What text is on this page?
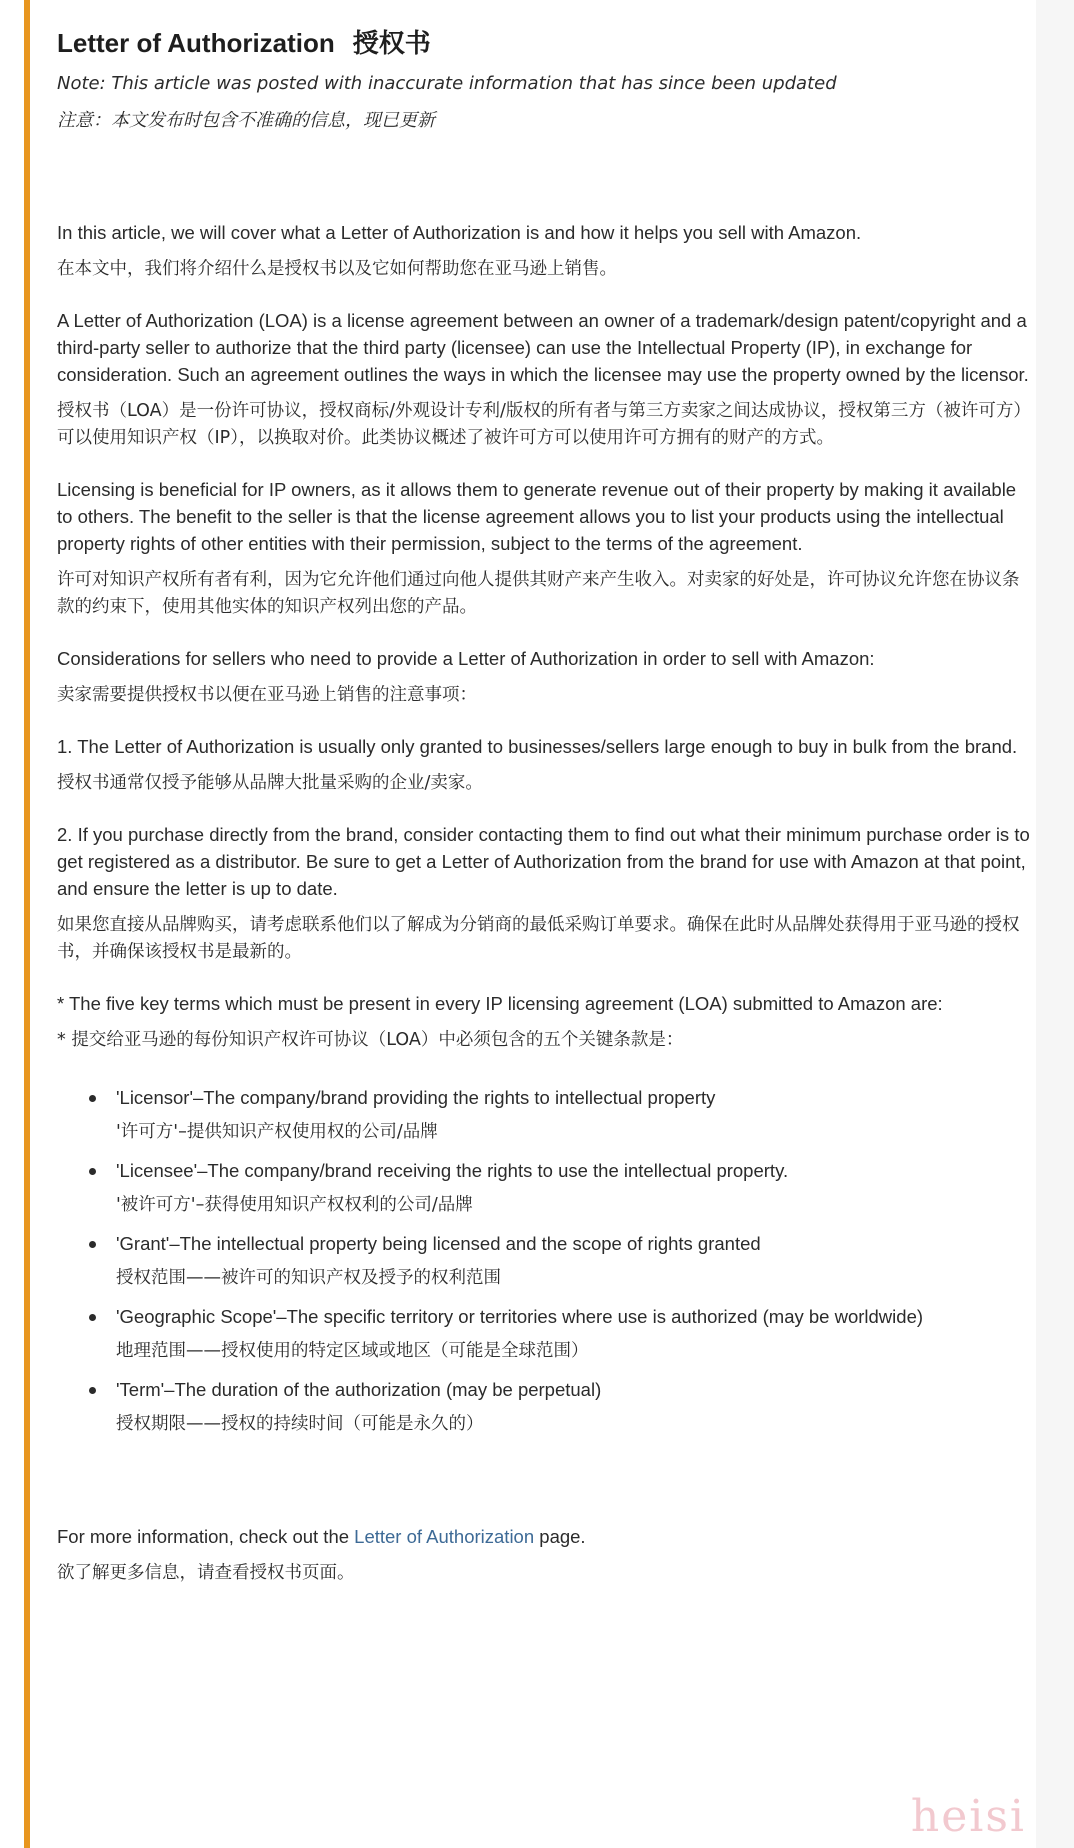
Letter of Authorization 授权书

Note: This article was posted with inaccurate information that has since been updated

注意：本文发布时包含不准确的信息，现已更新

In this article, we will cover what a Letter of Authorization is and how it helps you sell with Amazon.

在本文中，我们将介绍什么是授权书以及它如何帮助您在亚马逊上销售。

A Letter of Authorization (LOA) is a license agreement between an owner of a trademark/design patent/copyright and a third-party seller to authorize that the third party (licensee) can use the Intellectual Property (IP), in exchange for consideration. Such an agreement outlines the ways in which the licensee may use the property owned by the licensor.

授权书（LOA）是一份许可协议，授权商标/外观设计专利/版权的所有者与第三方卖家之间达成协议，授权第三方（被许可方）可以使用知识产权（IP），以换取对价。此类协议概述了被许可方可以使用许可方拥有的财产的方式。

Licensing is beneficial for IP owners, as it allows them to generate revenue out of their property by making it available to others. The benefit to the seller is that the license agreement allows you to list your products using the intellectual property rights of other entities with their permission, subject to the terms of the agreement.

许可对知识产权所有者有利，因为它允许他们通过向他人提供其财产来产生收入。对卖家的好处是，许可协议允许您在协议条款的约束下，使用其他实体的知识产权列出您的产品。

Considerations for sellers who need to provide a Letter of Authorization in order to sell with Amazon:

卖家需要提供授权书以便在亚马逊上销售的注意事项：

1. The Letter of Authorization is usually only granted to businesses/sellers large enough to buy in bulk from the brand.

授权书通常仅授予能够从品牌大批量采购的企业/卖家。

2. If you purchase directly from the brand, consider contacting them to find out what their minimum purchase order is to get registered as a distributor. Be sure to get a Letter of Authorization from the brand for use with Amazon at that point, and ensure the letter is up to date.

如果您直接从品牌购买，请考虑联系他们以了解成为分销商的最低采购订单要求。确保在此时从品牌处获得用于亚马逊的授权书，并确保该授权书是最新的。

* The five key terms which must be present in every IP licensing agreement (LOA) submitted to Amazon are:

* 提交给亚马逊的每份知识产权许可协议（LOA）中必须包含的五个关键条款是：

'Licensor'–The company/brand providing the rights to intellectual property

'许可方'–提供知识产权使用权的公司/品牌

'Licensee'–The company/brand receiving the rights to use the intellectual property.

'被许可方'–获得使用知识产权权利的公司/品牌

'Grant'–The intellectual property being licensed and the scope of rights granted

授权范围——被许可的知识产权及授予的权利范围

'Geographic Scope'–The specific territory or territories where use is authorized (may be worldwide)

地理范围——授权使用的特定区域或地区（可能是全球范围）

'Term'–The duration of the authorization (may be perpetual)

授权期限——授权的持续时间（可能是永久的）

For more information, check out the Letter of Authorization page.

欲了解更多信息，请查看授权书页面。

heisi
